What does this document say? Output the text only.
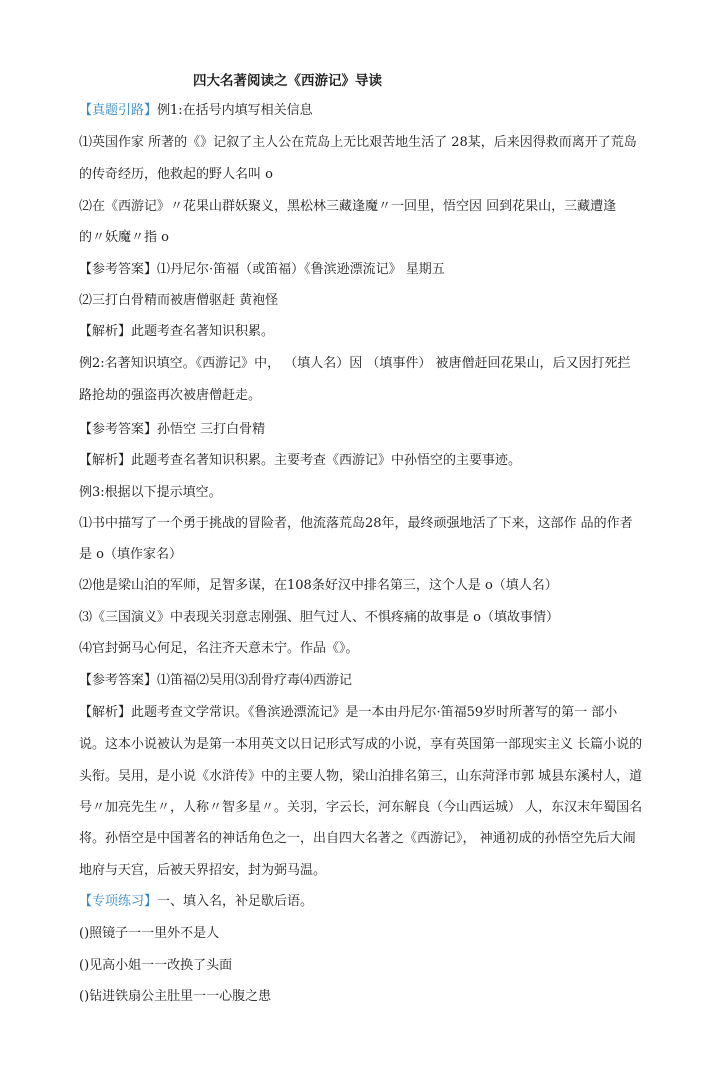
四大名著阅读之《西游记》导读
【真题引路】例1:在括号内填写相关信息
⑴英国作家 所著的《》记叙了主人公在荒岛上无比艰苦地生活了 28某，后来因得救而离开了荒岛
的传奇经历，他救起的野人名叫 o
⑵在《西游记》〃花果山群妖聚义，黑松林三藏逢魔〃一回里，悟空因 回到花果山，三藏遭逢
的〃妖魔〃指 o
【参考答案】⑴丹尼尔·笛福（或笛福）《鲁滨逊漂流记》 星期五
⑵三打白骨精而被唐僧驱赶 黄袍怪
【解析】此题考查名著知识积累。
例2:名著知识填空。《西游记》中， （填人名）因 （填事件） 被唐僧赶回花果山，后又因打死拦
路抢劫的强盗再次被唐僧赶走。
【参考答案】孙悟空 三打白骨精
【解析】此题考查名著知识积累。主要考查《西游记》中孙悟空的主要事迹。
例3:根据以下提示填空。
⑴书中描写了一个勇于挑战的冒险者，他流落荒岛28年，最终顽强地活了下来，这部作 品的作者
是 o（填作家名）
⑵他是梁山泊的军师，足智多谋，在108条好汉中排名第三，这个人是 o（填人名）
⑶《三国演义》中表现关羽意志刚强、胆气过人、不惧疼痛的故事是 o（填故事情）
⑷官封弼马心何足，名注齐天意未宁。作品《》。
【参考答案】⑴笛福⑵吴用⑶刮骨疗毒⑷西游记
【解析】此题考查文学常识。《鲁滨逊漂流记》是一本由丹尼尔·笛福59岁时所著写的第一 部小
说。这本小说被认为是第一本用英文以日记形式写成的小说，享有英国第一部现实主义 长篇小说的
头衔。吴用，是小说《水浒传》中的主要人物，梁山泊排名第三，山东菏泽市郭 城县东溪村人，道
号〃加亮先生〃，人称〃智多星〃。关羽，字云长，河东解良（今山西运城） 人，东汉末年蜀国名
将。孙悟空是中国著名的神话角色之一，出自四大名著之《西游记》， 神通初成的孙悟空先后大闹
地府与天宫，后被天界招安，封为弼马温。
【专项练习】一、填入名，补足歇后语。
()照镜子一一里外不是人
()见高小姐一一改换了头面
()钻进铁扇公主肚里一一心腹之患
